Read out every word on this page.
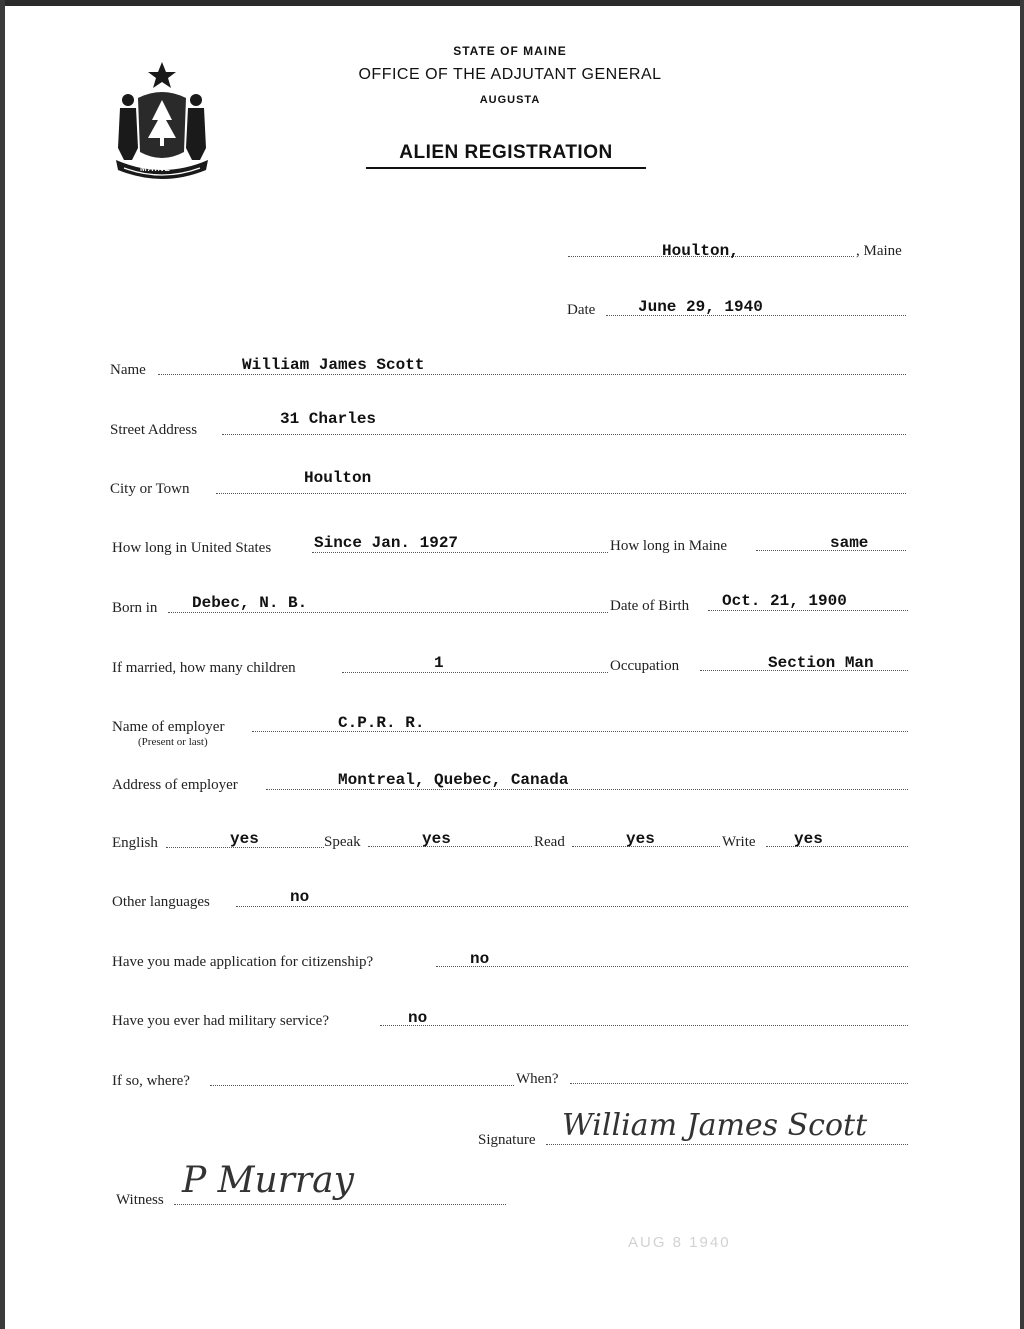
MAINE
STATE OF MAINE
OFFICE OF THE ADJUTANT GENERAL
AUGUSTA
ALIEN REGISTRATION
Houlton,	, Maine
Date	June 29, 1940
Name	William James Scott
Street Address
31 Charles
City or Town
Houlton
How long in United States	Since Jan. 1927	How long in Maine	same
Born in Debec, N. B.	Date of Birth Oct. 21, 1900
If married, how many children	1	Occupation	Section Man
Name of employer
(Present or last)
C.P.R. R.
Address of employer	Montreal, Quebec, Canada
English	yes	Speak	yes	Read	yes	Write yes
Other languages	no
Have you made application for citizenship?	no
Have you ever had military service?	no
If so, where?	When?
Signature William James Scott
Witness P Murray
AUG 8 1940
